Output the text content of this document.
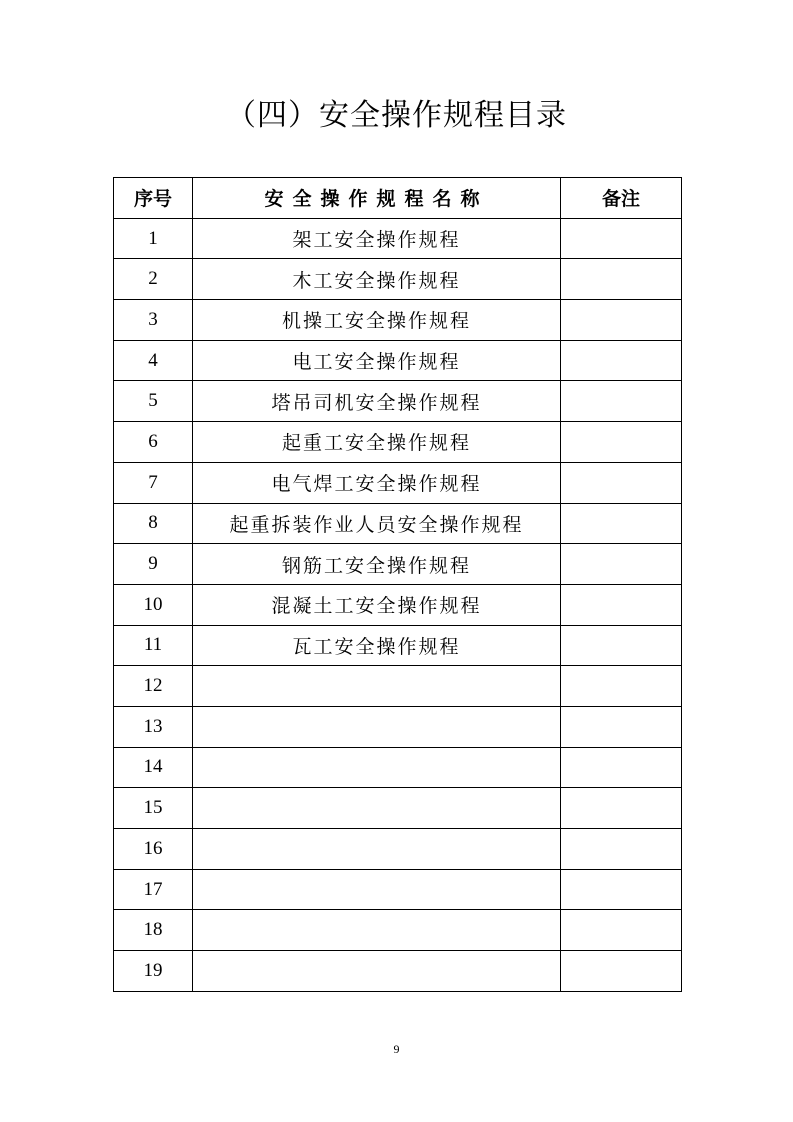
（四）安全操作规程目录
序号	安全操作规程名称	备注
1	架工安全操作规程	
2	木工安全操作规程	
3	机操工安全操作规程	
4	电工安全操作规程	
5	塔吊司机安全操作规程	
6	起重工安全操作规程	
7	电气焊工安全操作规程	
8	起重拆装作业人员安全操作规程	
9	钢筋工安全操作规程	
10	混凝土工安全操作规程	
11	瓦工安全操作规程	
12		
13		
14		
15		
16		
17		
18		
19		
9
